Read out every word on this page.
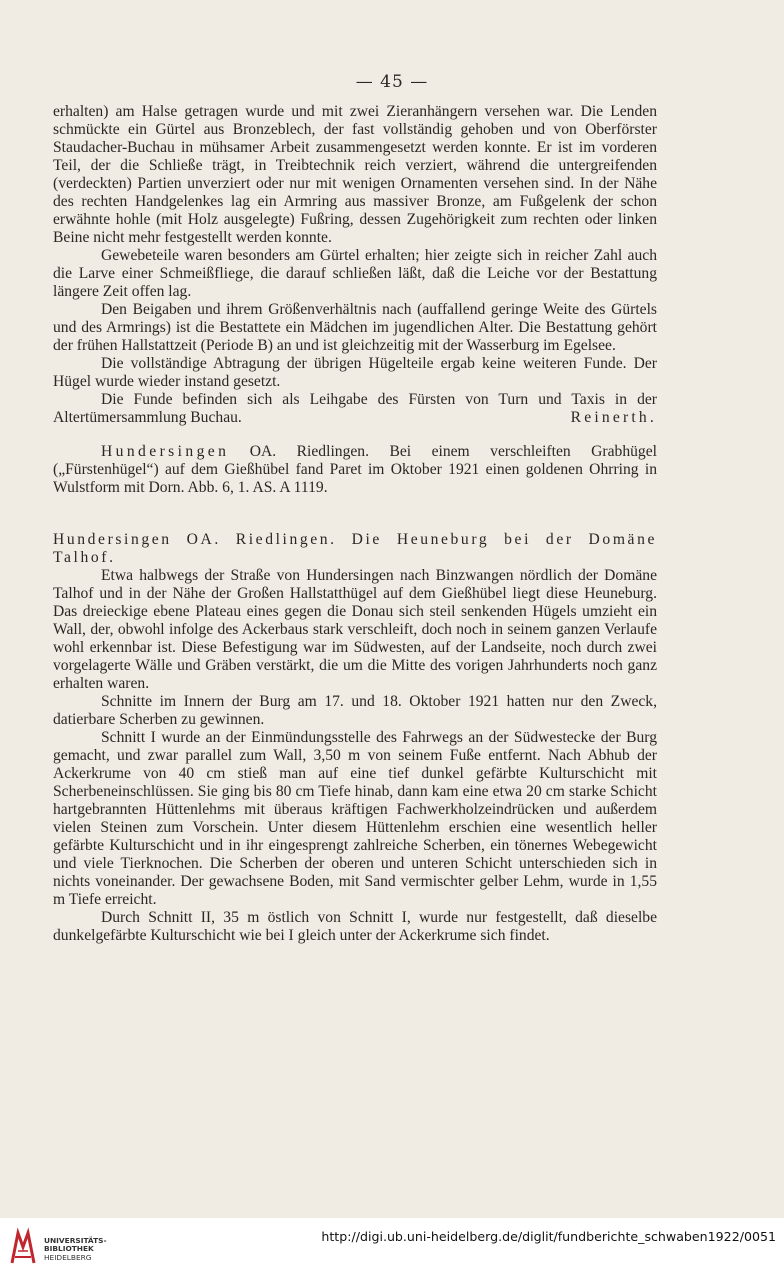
— 45 —

erhalten) am Halse getragen wurde und mit zwei Zieranhängern versehen war. Die Lenden schmückte ein Gürtel aus Bronzeblech, der fast vollständig gehoben und von Oberförster Staudacher-Buchau in mühsamer Arbeit zusammengesetzt werden konnte. Er ist im vorderen Teil, der die Schließe trägt, in Treibtechnik reich verziert, während die untergreifenden (verdeckten) Partien unverziert oder nur mit wenigen Ornamenten versehen sind. In der Nähe des rechten Handgelenkes lag ein Armring aus massiver Bronze, am Fußgelenk der schon erwähnte hohle (mit Holz ausgelegte) Fußring, dessen Zugehörigkeit zum rechten oder linken Beine nicht mehr festgestellt werden konnte.

Gewebeteile waren besonders am Gürtel erhalten; hier zeigte sich in reicher Zahl auch die Larve einer Schmeißfliege, die darauf schließen läßt, daß die Leiche vor der Bestattung längere Zeit offen lag.

Den Beigaben und ihrem Größenverhältnis nach (auffallend geringe Weite des Gürtels und des Armrings) ist die Bestattete ein Mädchen im jugendlichen Alter. Die Bestattung gehört der frühen Hallstattzeit (Periode B) an und ist gleichzeitig mit der Wasserburg im Egelsee.

Die vollständige Abtragung der übrigen Hügelteile ergab keine weiteren Funde. Der Hügel wurde wieder instand gesetzt.

Die Funde befinden sich als Leihgabe des Fürsten von Turn und Taxis in der Altertümersammlung Buchau.	Reinerth.

Hundersingen OA. Riedlingen. Bei einem verschleiften Grabhügel („Fürstenhügel“) auf dem Gießhübel fand Paret im Oktober 1921 einen goldenen Ohrring in Wulstform mit Dorn. Abb. 6, 1. AS. A 1119.

Hundersingen OA. Riedlingen. Die Heuneburg bei der Domäne Talhof.

Etwa halbwegs der Straße von Hundersingen nach Binzwangen nördlich der Domäne Talhof und in der Nähe der Großen Hallstatthügel auf dem Gießhübel liegt diese Heuneburg. Das dreieckige ebene Plateau eines gegen die Donau sich steil senkenden Hügels umzieht ein Wall, der, obwohl infolge des Ackerbaus stark verschleift, doch noch in seinem ganzen Verlaufe wohl erkennbar ist. Diese Befestigung war im Südwesten, auf der Landseite, noch durch zwei vorgelagerte Wälle und Gräben verstärkt, die um die Mitte des vorigen Jahrhunderts noch ganz erhalten waren.

Schnitte im Innern der Burg am 17. und 18. Oktober 1921 hatten nur den Zweck, datierbare Scherben zu gewinnen.

Schnitt I wurde an der Einmündungsstelle des Fahrwegs an der Südwestecke der Burg gemacht, und zwar parallel zum Wall, 3,50 m von seinem Fuße entfernt. Nach Abhub der Ackerkrume von 40 cm stieß man auf eine tief dunkel gefärbte Kulturschicht mit Scherbeneinschlüssen. Sie ging bis 80 cm Tiefe hinab, dann kam eine etwa 20 cm starke Schicht hartgebrannten Hüttenlehms mit überaus kräftigen Fachwerkholzeindrücken und außerdem vielen Steinen zum Vorschein. Unter diesem Hüttenlehm erschien eine wesentlich heller gefärbte Kulturschicht und in ihr eingesprengt zahlreiche Scherben, ein tönernes Webegewicht und viele Tierknochen. Die Scherben der oberen und unteren Schicht unterschieden sich in nichts voneinander. Der gewachsene Boden, mit Sand vermischter gelber Lehm, wurde in 1,55 m Tiefe erreicht.

Durch Schnitt II, 35 m östlich von Schnitt I, wurde nur festgestellt, daß dieselbe dunkelgefärbte Kulturschicht wie bei I gleich unter der Ackerkrume sich findet.

UNIVERSITÄTS-
BIBLIOTHEK
HEIDELBERG
http://digi.ub.uni-heidelberg.de/diglit/fundberichte_schwaben1922/0051
